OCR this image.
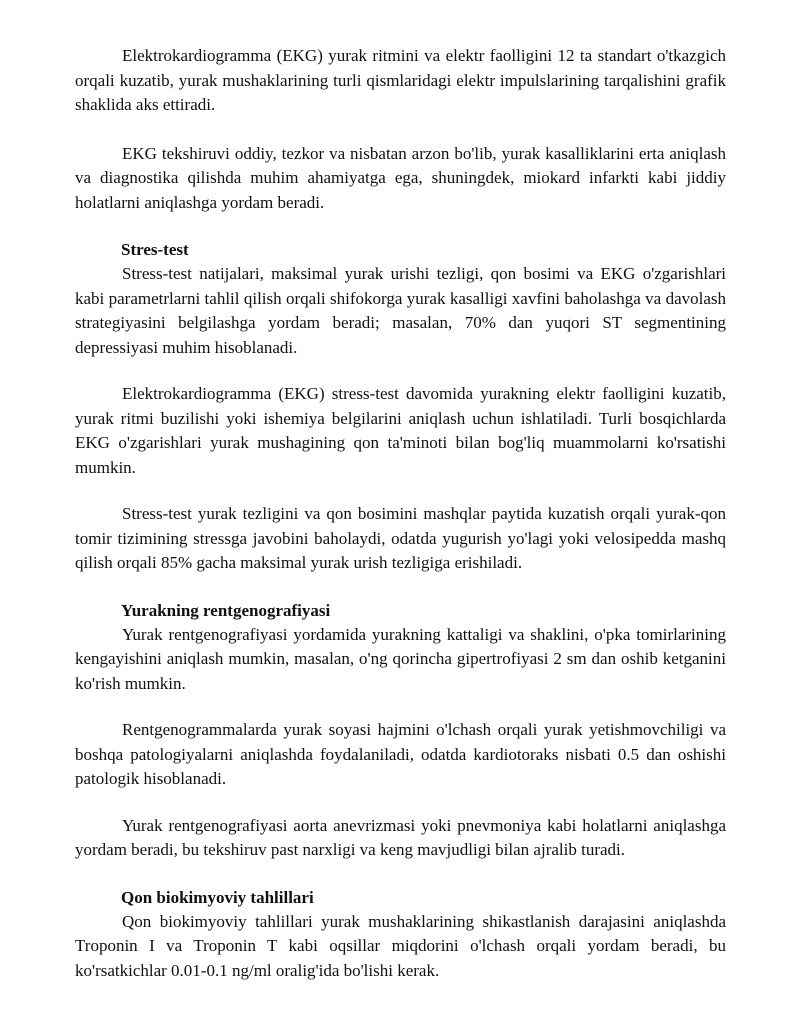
Elektrokardiogramma (EKG) yurak ritmini va elektr faolligini 12 ta standart o'tkazgich orqali kuzatib, yurak mushaklarining turli qismlaridagi elektr impulslarining tarqalishini grafik shaklida aks ettiradi.

EKG tekshiruvi oddiy, tezkor va nisbatan arzon bo'lib, yurak kasalliklarini erta aniqlash va diagnostika qilishda muhim ahamiyatga ega, shuningdek, miokard infarkti kabi jiddiy holatlarni aniqlashga yordam beradi.

Stres-test

Stress-test natijalari, maksimal yurak urishi tezligi, qon bosimi va EKG o'zgarishlari kabi parametrlarni tahlil qilish orqali shifokorga yurak kasalligi xavfini baholashga va davolash strategiyasini belgilashga yordam beradi; masalan, 70% dan yuqori ST segmentining depressiyasi muhim hisoblanadi.

Elektrokardiogramma (EKG) stress-test davomida yurakning elektr faolligini kuzatib, yurak ritmi buzilishi yoki ishemiya belgilarini aniqlash uchun ishlatiladi. Turli bosqichlarda EKG o'zgarishlari yurak mushagining qon ta'minoti bilan bog'liq muammolarni ko'rsatishi mumkin.

Stress-test yurak tezligini va qon bosimini mashqlar paytida kuzatish orqali yurak-qon tomir tizimining stressga javobini baholaydi, odatda yugurish yo'lagi yoki velosipedda mashq qilish orqali 85% gacha maksimal yurak urish tezligiga erishiladi.

Yurakning rentgenografiyasi

Yurak rentgenografiyasi yordamida yurakning kattaligi va shaklini, o'pka tomirlarining kengayishini aniqlash mumkin, masalan, o'ng qorincha gipertrofiyasi 2 sm dan oshib ketganini ko'rish mumkin.

Rentgenogrammalarda yurak soyasi hajmini o'lchash orqali yurak yetishmovchiligi va boshqa patologiyalarni aniqlashda foydalaniladi, odatda kardiotoraks nisbati 0.5 dan oshishi patologik hisoblanadi.

Yurak rentgenografiyasi aorta anevrizmasi yoki pnevmoniya kabi holatlarni aniqlashga yordam beradi, bu tekshiruv past narxligi va keng mavjudligi bilan ajralib turadi.

Qon biokimyoviy tahlillari

Qon biokimyoviy tahlillari yurak mushaklarining shikastlanish darajasini aniqlashda Troponin I va Troponin T kabi oqsillar miqdorini o'lchash orqali yordam beradi, bu ko'rsatkichlar 0.01-0.1 ng/ml oralig'ida bo'lishi kerak.
